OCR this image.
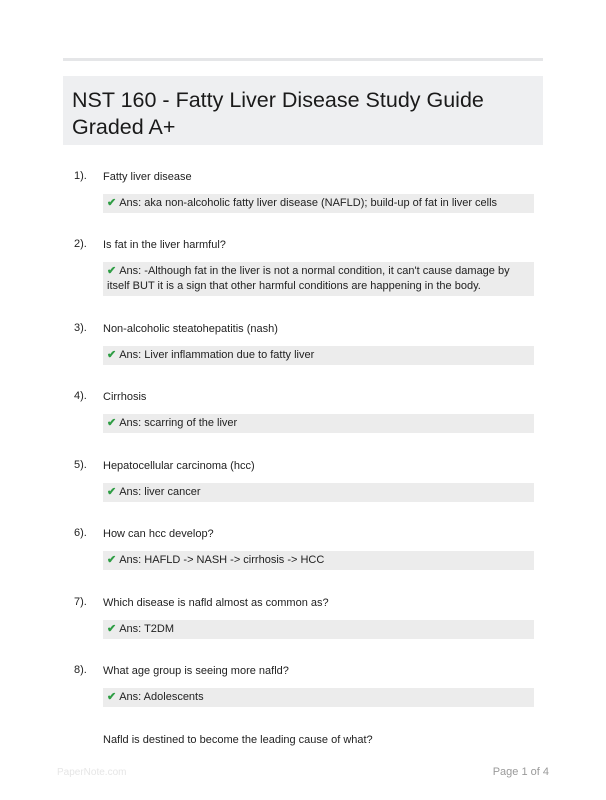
NST 160 - Fatty Liver Disease Study Guide Graded A+
1). Fatty liver disease
✔ Ans: aka non-alcoholic fatty liver disease (NAFLD); build-up of fat in liver cells
2). Is fat in the liver harmful?
✔ Ans: -Although fat in the liver is not a normal condition, it can't cause damage by itself BUT it is a sign that other harmful conditions are happening in the body.
3). Non-alcoholic steatohepatitis (nash)
✔ Ans: Liver inflammation due to fatty liver
4). Cirrhosis
✔ Ans: scarring of the liver
5). Hepatocellular carcinoma (hcc)
✔ Ans: liver cancer
6). How can hcc develop?
✔ Ans: HAFLD -> NASH -> cirrhosis -> HCC
7). Which disease is nafld almost as common as?
✔ Ans: T2DM
8). What age group is seeing more nafld?
✔ Ans: Adolescents
Nafld is destined to become the leading cause of what?
PaperNote.com	Page 1 of 4
